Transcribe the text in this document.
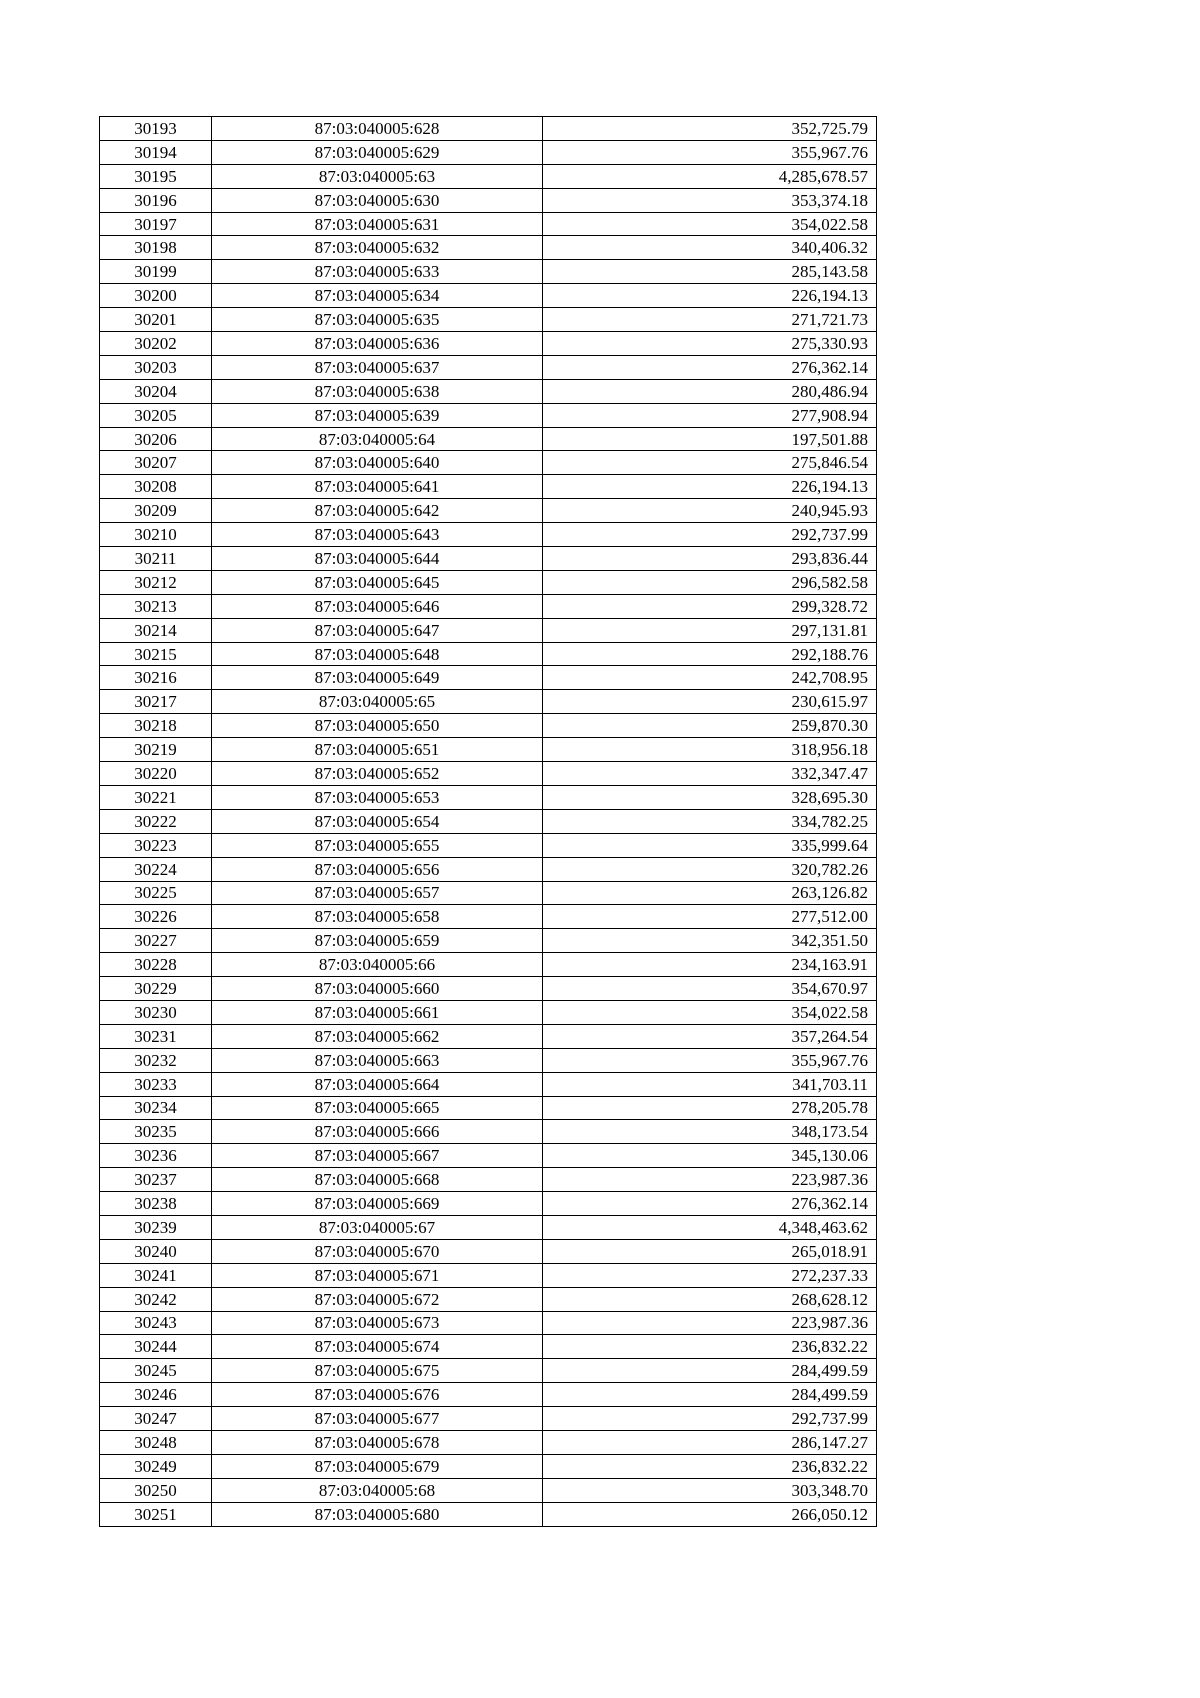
30193	87:03:040005:628	352,725.79
30194	87:03:040005:629	355,967.76
30195	87:03:040005:63	4,285,678.57
30196	87:03:040005:630	353,374.18
30197	87:03:040005:631	354,022.58
30198	87:03:040005:632	340,406.32
30199	87:03:040005:633	285,143.58
30200	87:03:040005:634	226,194.13
30201	87:03:040005:635	271,721.73
30202	87:03:040005:636	275,330.93
30203	87:03:040005:637	276,362.14
30204	87:03:040005:638	280,486.94
30205	87:03:040005:639	277,908.94
30206	87:03:040005:64	197,501.88
30207	87:03:040005:640	275,846.54
30208	87:03:040005:641	226,194.13
30209	87:03:040005:642	240,945.93
30210	87:03:040005:643	292,737.99
30211	87:03:040005:644	293,836.44
30212	87:03:040005:645	296,582.58
30213	87:03:040005:646	299,328.72
30214	87:03:040005:647	297,131.81
30215	87:03:040005:648	292,188.76
30216	87:03:040005:649	242,708.95
30217	87:03:040005:65	230,615.97
30218	87:03:040005:650	259,870.30
30219	87:03:040005:651	318,956.18
30220	87:03:040005:652	332,347.47
30221	87:03:040005:653	328,695.30
30222	87:03:040005:654	334,782.25
30223	87:03:040005:655	335,999.64
30224	87:03:040005:656	320,782.26
30225	87:03:040005:657	263,126.82
30226	87:03:040005:658	277,512.00
30227	87:03:040005:659	342,351.50
30228	87:03:040005:66	234,163.91
30229	87:03:040005:660	354,670.97
30230	87:03:040005:661	354,022.58
30231	87:03:040005:662	357,264.54
30232	87:03:040005:663	355,967.76
30233	87:03:040005:664	341,703.11
30234	87:03:040005:665	278,205.78
30235	87:03:040005:666	348,173.54
30236	87:03:040005:667	345,130.06
30237	87:03:040005:668	223,987.36
30238	87:03:040005:669	276,362.14
30239	87:03:040005:67	4,348,463.62
30240	87:03:040005:670	265,018.91
30241	87:03:040005:671	272,237.33
30242	87:03:040005:672	268,628.12
30243	87:03:040005:673	223,987.36
30244	87:03:040005:674	236,832.22
30245	87:03:040005:675	284,499.59
30246	87:03:040005:676	284,499.59
30247	87:03:040005:677	292,737.99
30248	87:03:040005:678	286,147.27
30249	87:03:040005:679	236,832.22
30250	87:03:040005:68	303,348.70
30251	87:03:040005:680	266,050.12
